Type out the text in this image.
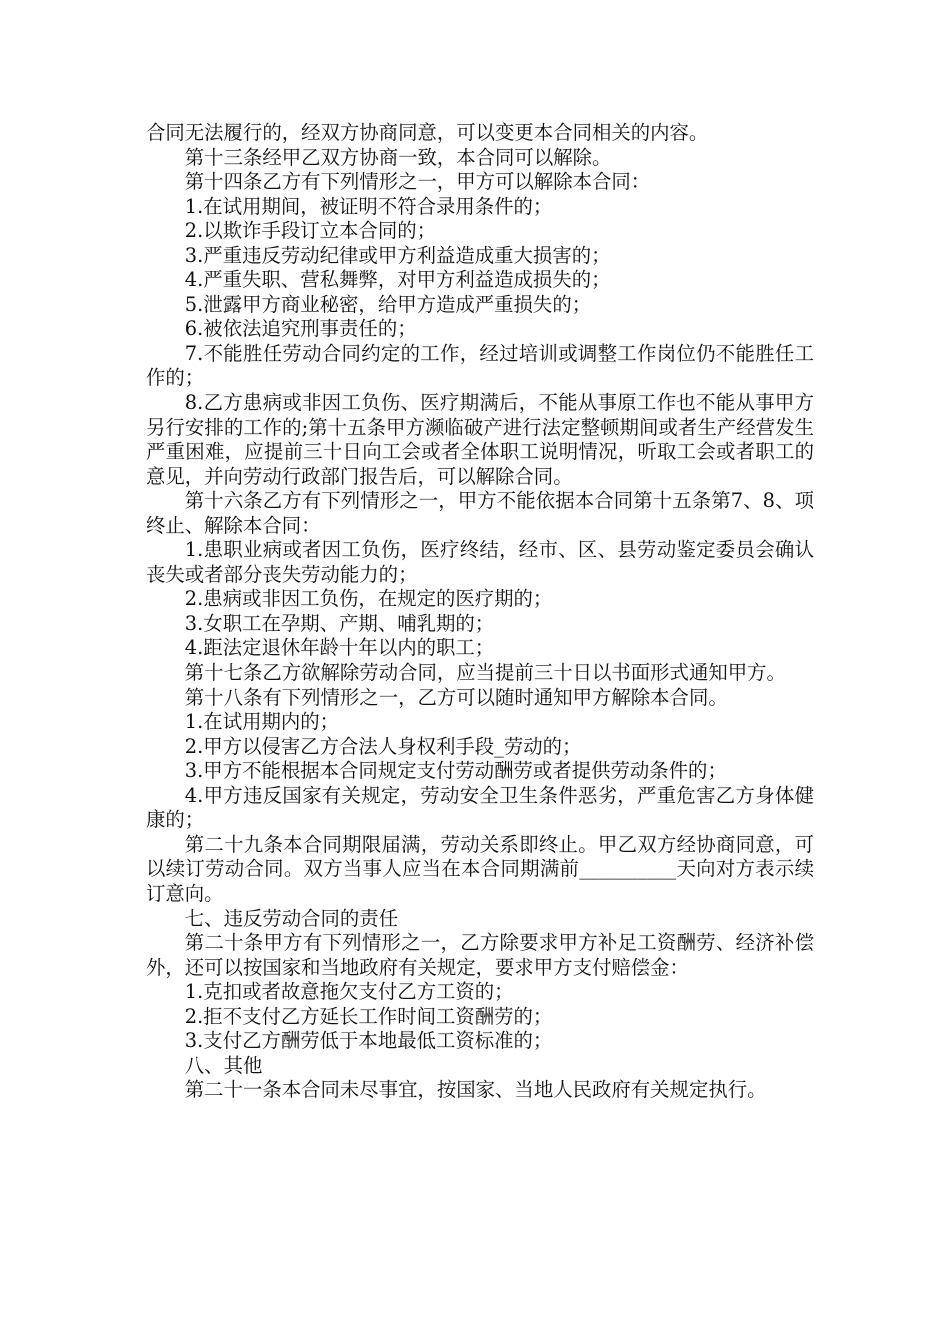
合同无法履行的，经双方协商同意，可以变更本合同相关的内容。

第十三条经甲乙双方协商一致，本合同可以解除。

第十四条乙方有下列情形之一，甲方可以解除本合同：

1.在试用期间，被证明不符合录用条件的；

2.以欺诈手段订立本合同的；

3.严重违反劳动纪律或甲方利益造成重大损害的；

4.严重失职、营私舞弊，对甲方利益造成损失的；

5.泄露甲方商业秘密，给甲方造成严重损失的；

6.被依法追究刑事责任的；

7.不能胜任劳动合同约定的工作，经过培训或调整工作岗位仍不能胜任工作的；

8.乙方患病或非因工负伤、医疗期满后，不能从事原工作也不能从事甲方另行安排的工作的;第十五条甲方濒临破产进行法定整顿期间或者生产经营发生严重困难，应提前三十日向工会或者全体职工说明情况，听取工会或者职工的意见，并向劳动行政部门报告后，可以解除合同。

第十六条乙方有下列情形之一，甲方不能依据本合同第十五条第7、8、项终止、解除本合同：

1.患职业病或者因工负伤，医疗终结，经市、区、县劳动鉴定委员会确认丧失或者部分丧失劳动能力的；

2.患病或非因工负伤，在规定的医疗期的；

3.女职工在孕期、产期、哺乳期的；

4.距法定退休年龄十年以内的职工；

第十七条乙方欲解除劳动合同，应当提前三十日以书面形式通知甲方。

第十八条有下列情形之一，乙方可以随时通知甲方解除本合同。

1.在试用期内的；

2.甲方以侵害乙方合法人身权利手段_劳动的；

3.甲方不能根据本合同规定支付劳动酬劳或者提供劳动条件的；

4.甲方违反国家有关规定，劳动安全卫生条件恶劣，严重危害乙方身体健康的；

第二十九条本合同期限届满，劳动关系即终止。甲乙双方经协商同意，可以续订劳动合同。双方当事人应当在本合同期满前__________天向对方表示续订意向。

七、违反劳动合同的责任

第二十条甲方有下列情形之一，乙方除要求甲方补足工资酬劳、经济补偿外，还可以按国家和当地政府有关规定，要求甲方支付赔偿金：

1.克扣或者故意拖欠支付乙方工资的；

2.拒不支付乙方延长工作时间工资酬劳的；

3.支付乙方酬劳低于本地最低工资标准的；

八、其他

第二十一条本合同未尽事宜，按国家、当地人民政府有关规定执行。
